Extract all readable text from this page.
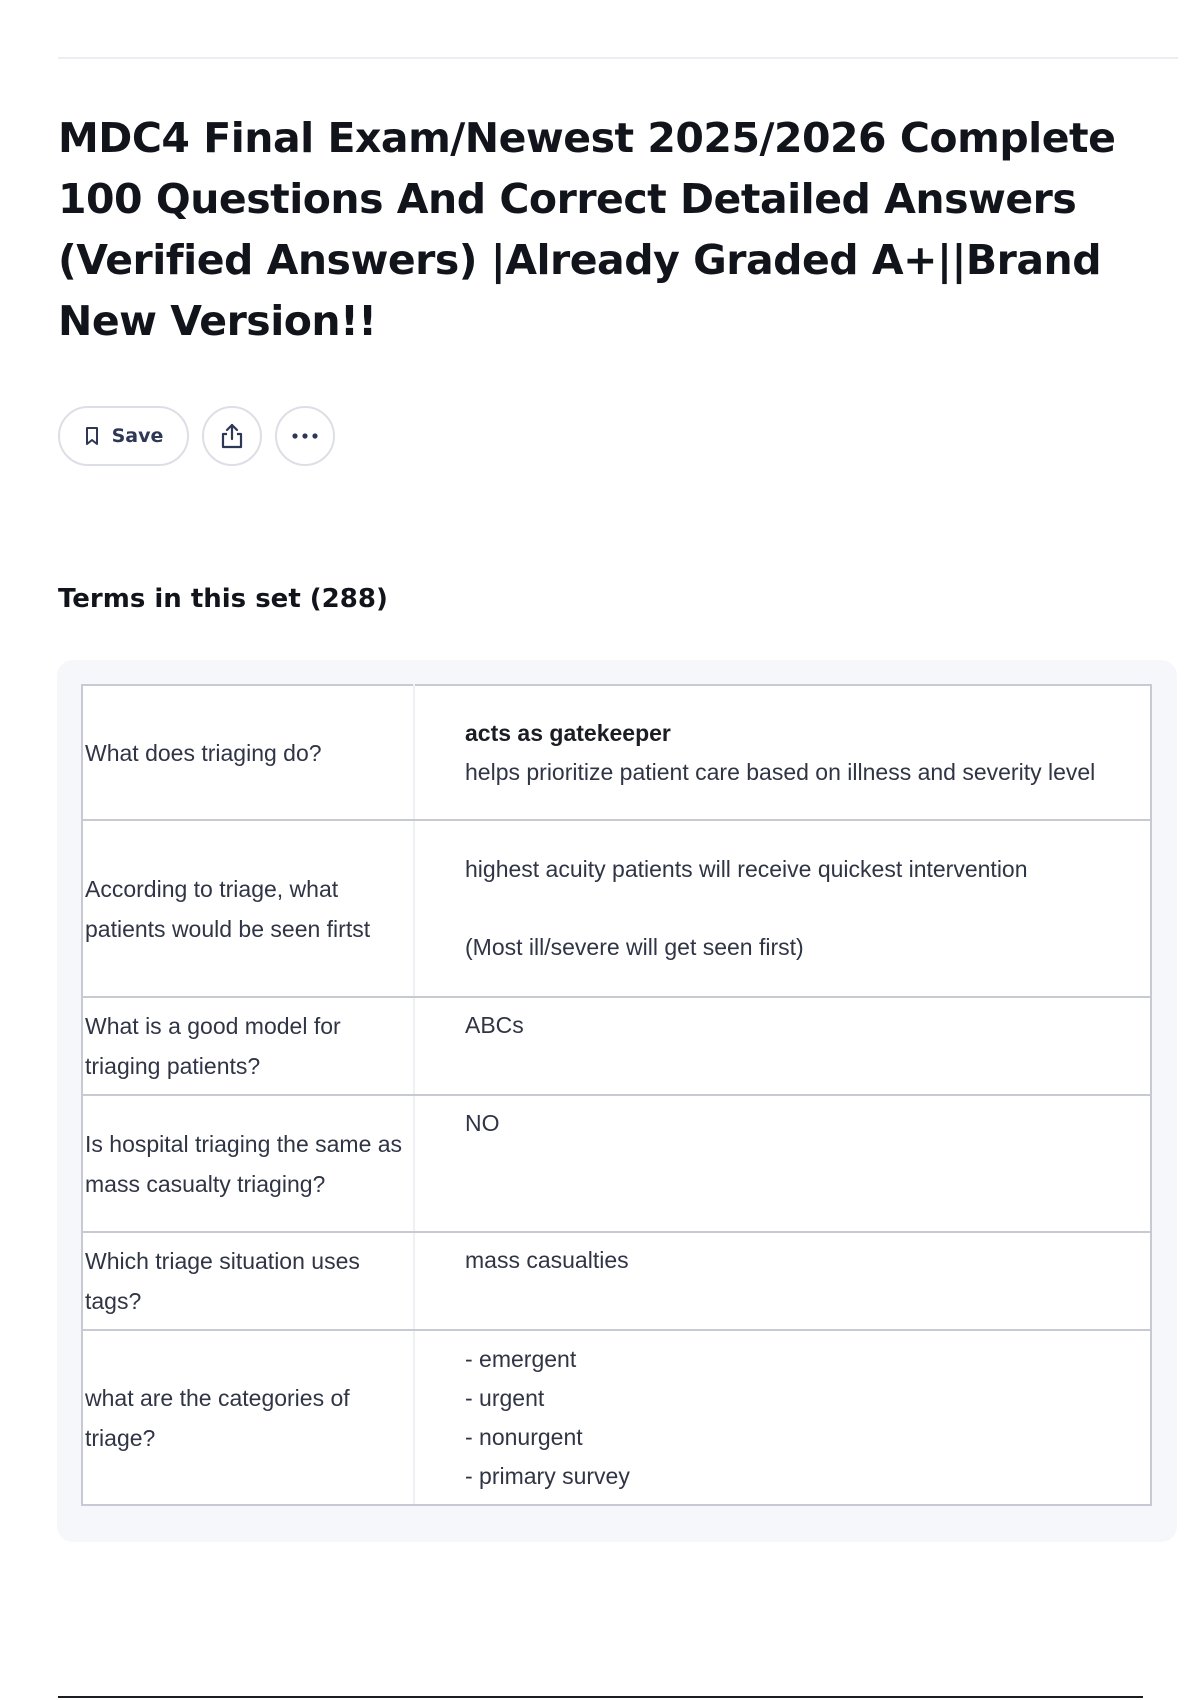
MDC4 Final Exam/Newest 2025/2026 Complete 100 Questions And Correct Detailed Answers (Verified Answers) |Already Graded A+||Brand New Version!!
Save
Terms in this set (288)
What does triaging do?	acts as gatekeeper
helps prioritize patient care based on illness and severity level

According to triage, what patients would be seen firtst	highest acuity patients will receive quickest intervention
(Most ill/severe will get seen first)

What is a good model for triaging patients?	ABCs

Is hospital triaging the same as mass casualty triaging?	NO

Which triage situation uses tags?	mass casualties

what are the categories of triage?	- emergent
- urgent
- nonurgent
- primary survey
